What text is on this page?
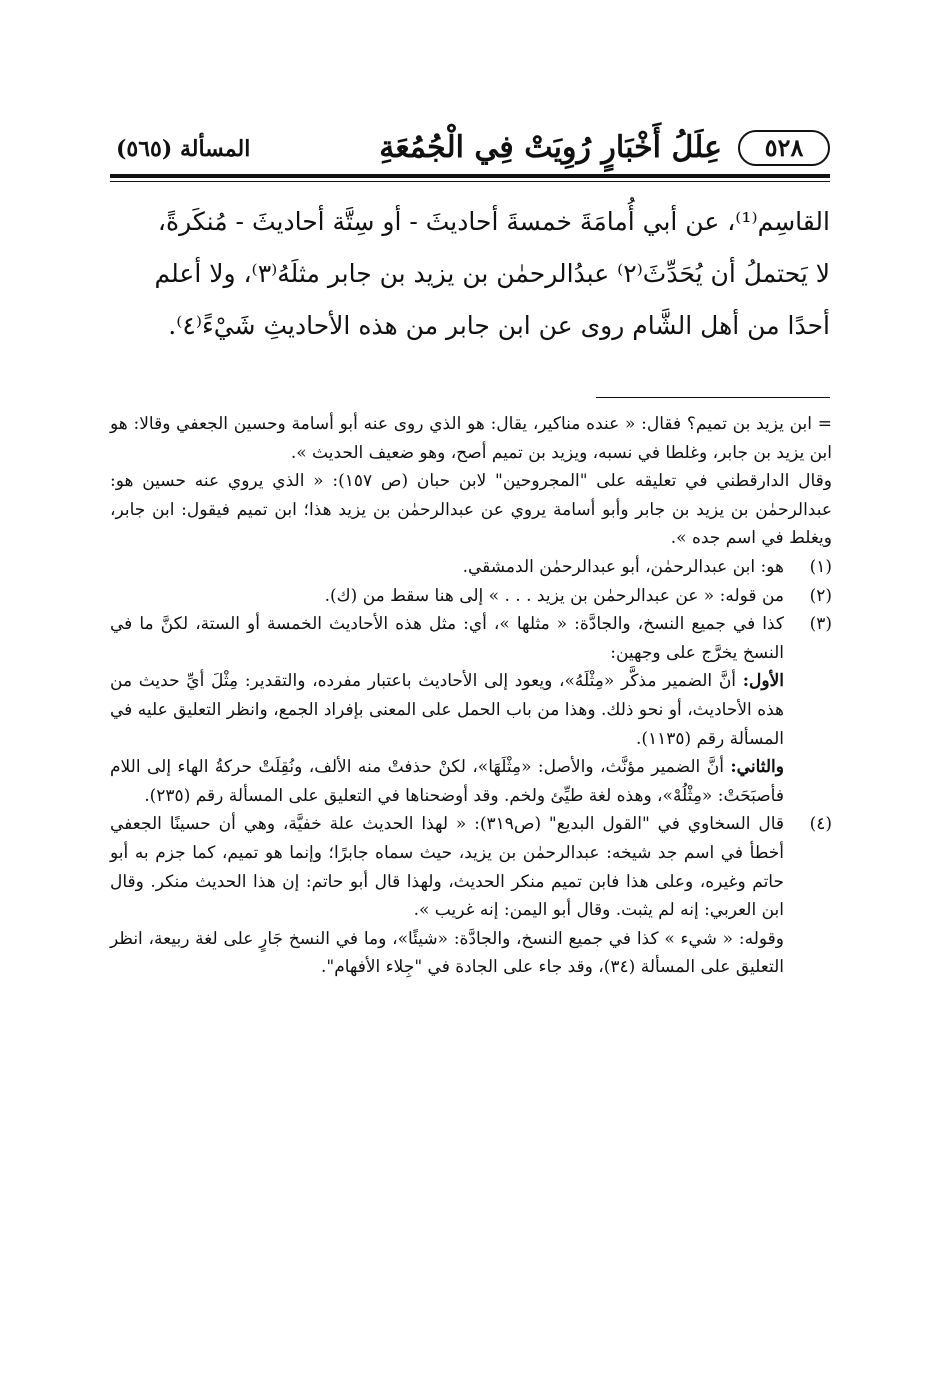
٥٢٨
عِلَلُ أَخْبَارٍ رُوِيَتْ فِي الْجُمُعَةِ
المسألة (٥٦٥)
القاسِم⁽¹⁾، عن أبي أُمامَةَ خمسةَ أحاديثَ - أو سِتَّة أحاديثَ - مُنكَرةً،
لا يَحتملُ أن يُحَدِّثَ⁽٢⁾ عبدُالرحمٰن بن يزيد بن جابر مثلَهُ⁽٣⁾، ولا أعلم
أحدًا من أهل الشَّام روى عن ابن جابر من هذه الأحاديثِ شَيْءً⁽٤⁾.

= ابن يزيد بن تميم؟ فقال: « عنده مناكير، يقال: هو الذي روى عنه أبو أسامة وحسين الجعفي وقالا: هو ابن يزيد بن جابر، وغلطا في نسبه، ويزيد بن تميم أصح، وهو ضعيف الحديث ».

وقال الدارقطني في تعليقه على "المجروحين" لابن حبان (ص ١٥٧): « الذي يروي عنه حسين هو: عبدالرحمٰن بن يزيد بن جابر وأبو أسامة يروي عن عبدالرحمٰن بن يزيد هذا؛ ابن تميم فيقول: ابن جابر، ويغلط في اسم جده ».

(١)
هو: ابن عبدالرحمٰن، أبو عبدالرحمٰن الدمشقي.
(٢)
من قوله: « عن عبدالرحمٰن بن يزيد . . . » إلى هنا سقط من (ك).
(٣)
كذا في جميع النسخ، والجادَّة: « مثلها »، أي: مثل هذه الأحاديث الخمسة أو الستة، لكنَّ ما في النسخ يخرَّج على وجهين:

الأول: أنَّ الضمير مذكَّر «مِثْلَهُ»، ويعود إلى الأحاديث باعتبار مفرده، والتقدير: مِثْلَ أيِّ حديث من هذه الأحاديث، أو نحو ذلك. وهذا من باب الحمل على المعنى بإفراد الجمع، وانظر التعليق عليه في المسألة رقم (١١٣٥).

والثاني: أنَّ الضمير مؤنَّث، والأصل: «مِثْلَهَا»، لكنْ حذفتْ منه الألف، ونُقِلَتْ حركةُ الهاء إلى اللام فأصبَحَتْ: «مِثْلُهْ»، وهذه لغة طيِّئ ولخم. وقد أوضحناها في التعليق على المسألة رقم (٢٣٥).

(٤)
قال السخاوي في "القول البديع" (ص٣١٩): « لهذا الحديث علة خفيَّة، وهي أن حسينًا الجعفي أخطأ في اسم جد شيخه: عبدالرحمٰن بن يزيد، حيث سماه جابرًا؛ وإنما هو تميم، كما جزم به أبو حاتم وغيره، وعلى هذا فابن تميم منكر الحديث، ولهذا قال أبو حاتم: إن هذا الحديث منكر. وقال ابن العربي: إنه لم يثبت. وقال أبو اليمن: إنه غريب ».

وقوله: « شيء » كذا في جميع النسخ، والجادَّة: «شيئًا»، وما في النسخ جَارٍ على لغة ربيعة، انظر التعليق على المسألة (٣٤)، وقد جاء على الجادة في "جِلاء الأفهام".
